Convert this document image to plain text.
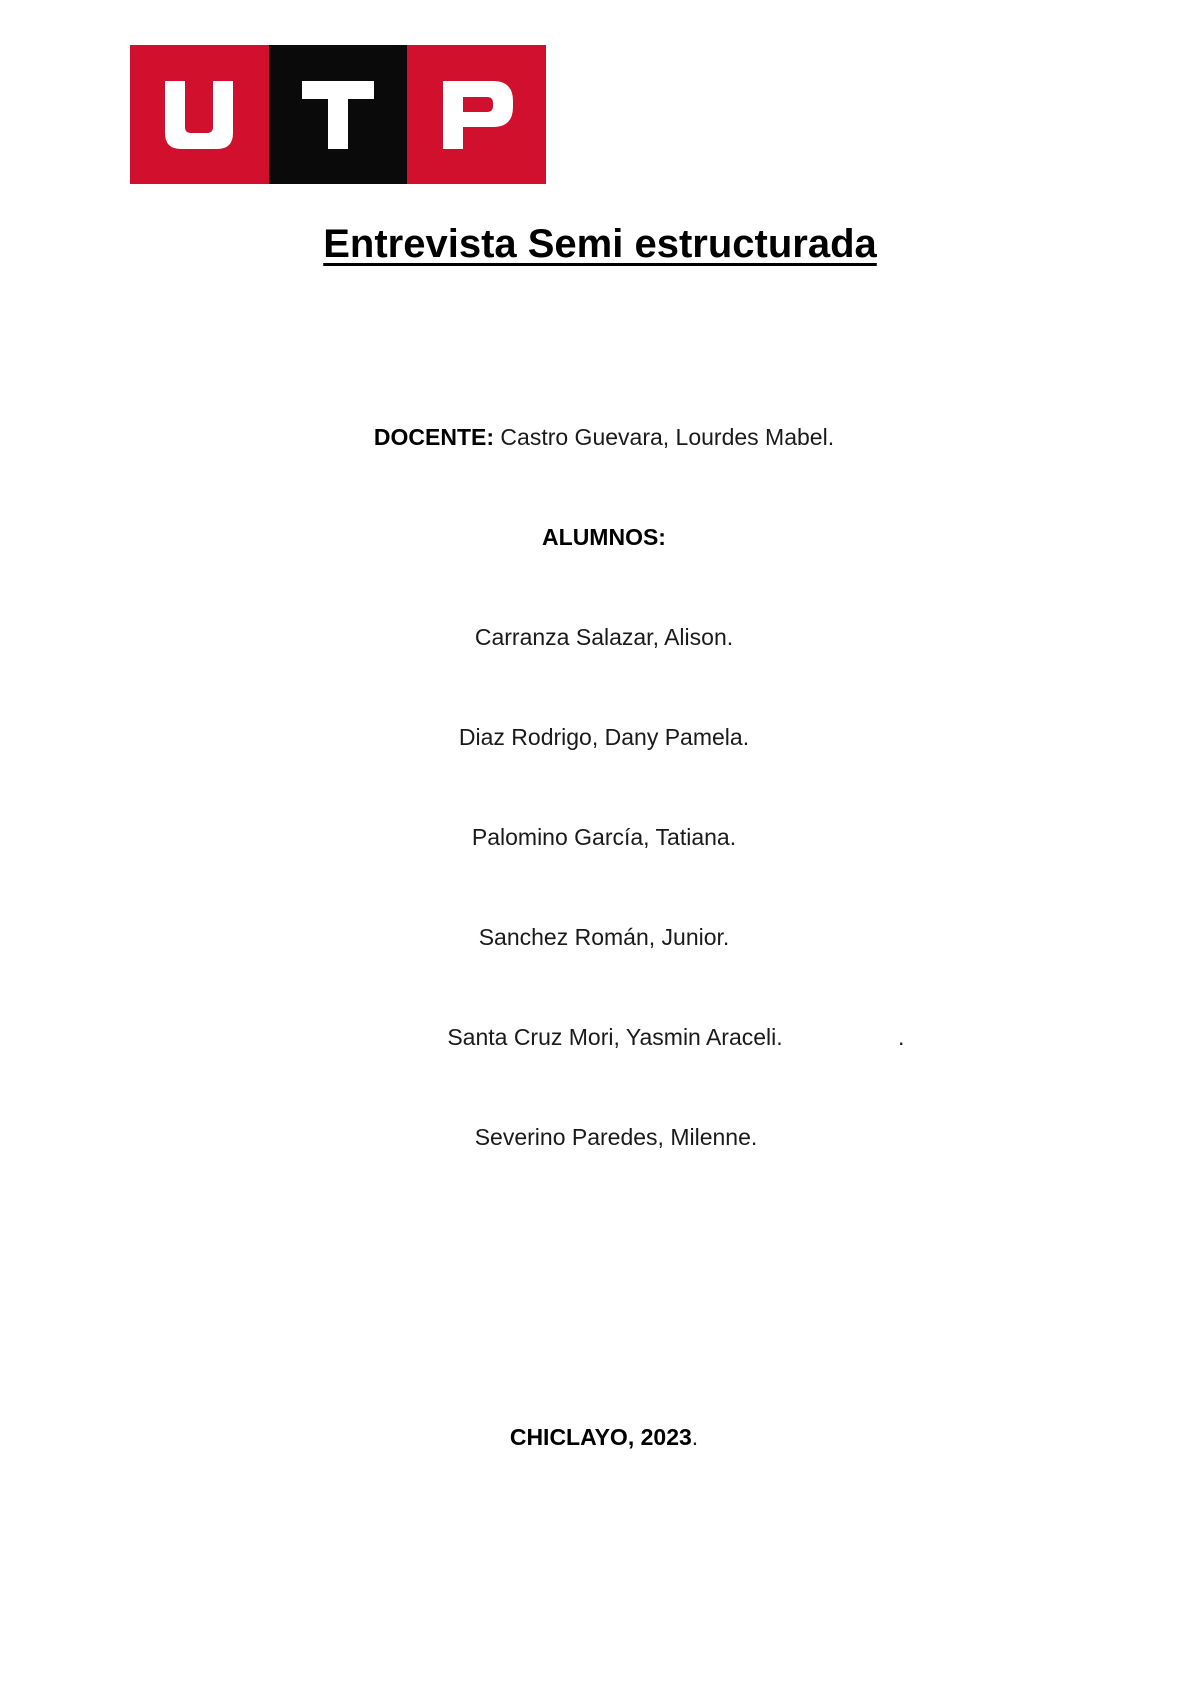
Entrevista Semi estructurada
DOCENTE: Castro Guevara, Lourdes Mabel.
ALUMNOS:
Carranza Salazar, Alison.
Diaz Rodrigo, Dany Pamela.
Palomino García, Tatiana.
Sanchez Román, Junior.
Santa Cruz Mori, Yasmin Araceli.	.
Severino Paredes, Milenne.
CHICLAYO, 2023.
